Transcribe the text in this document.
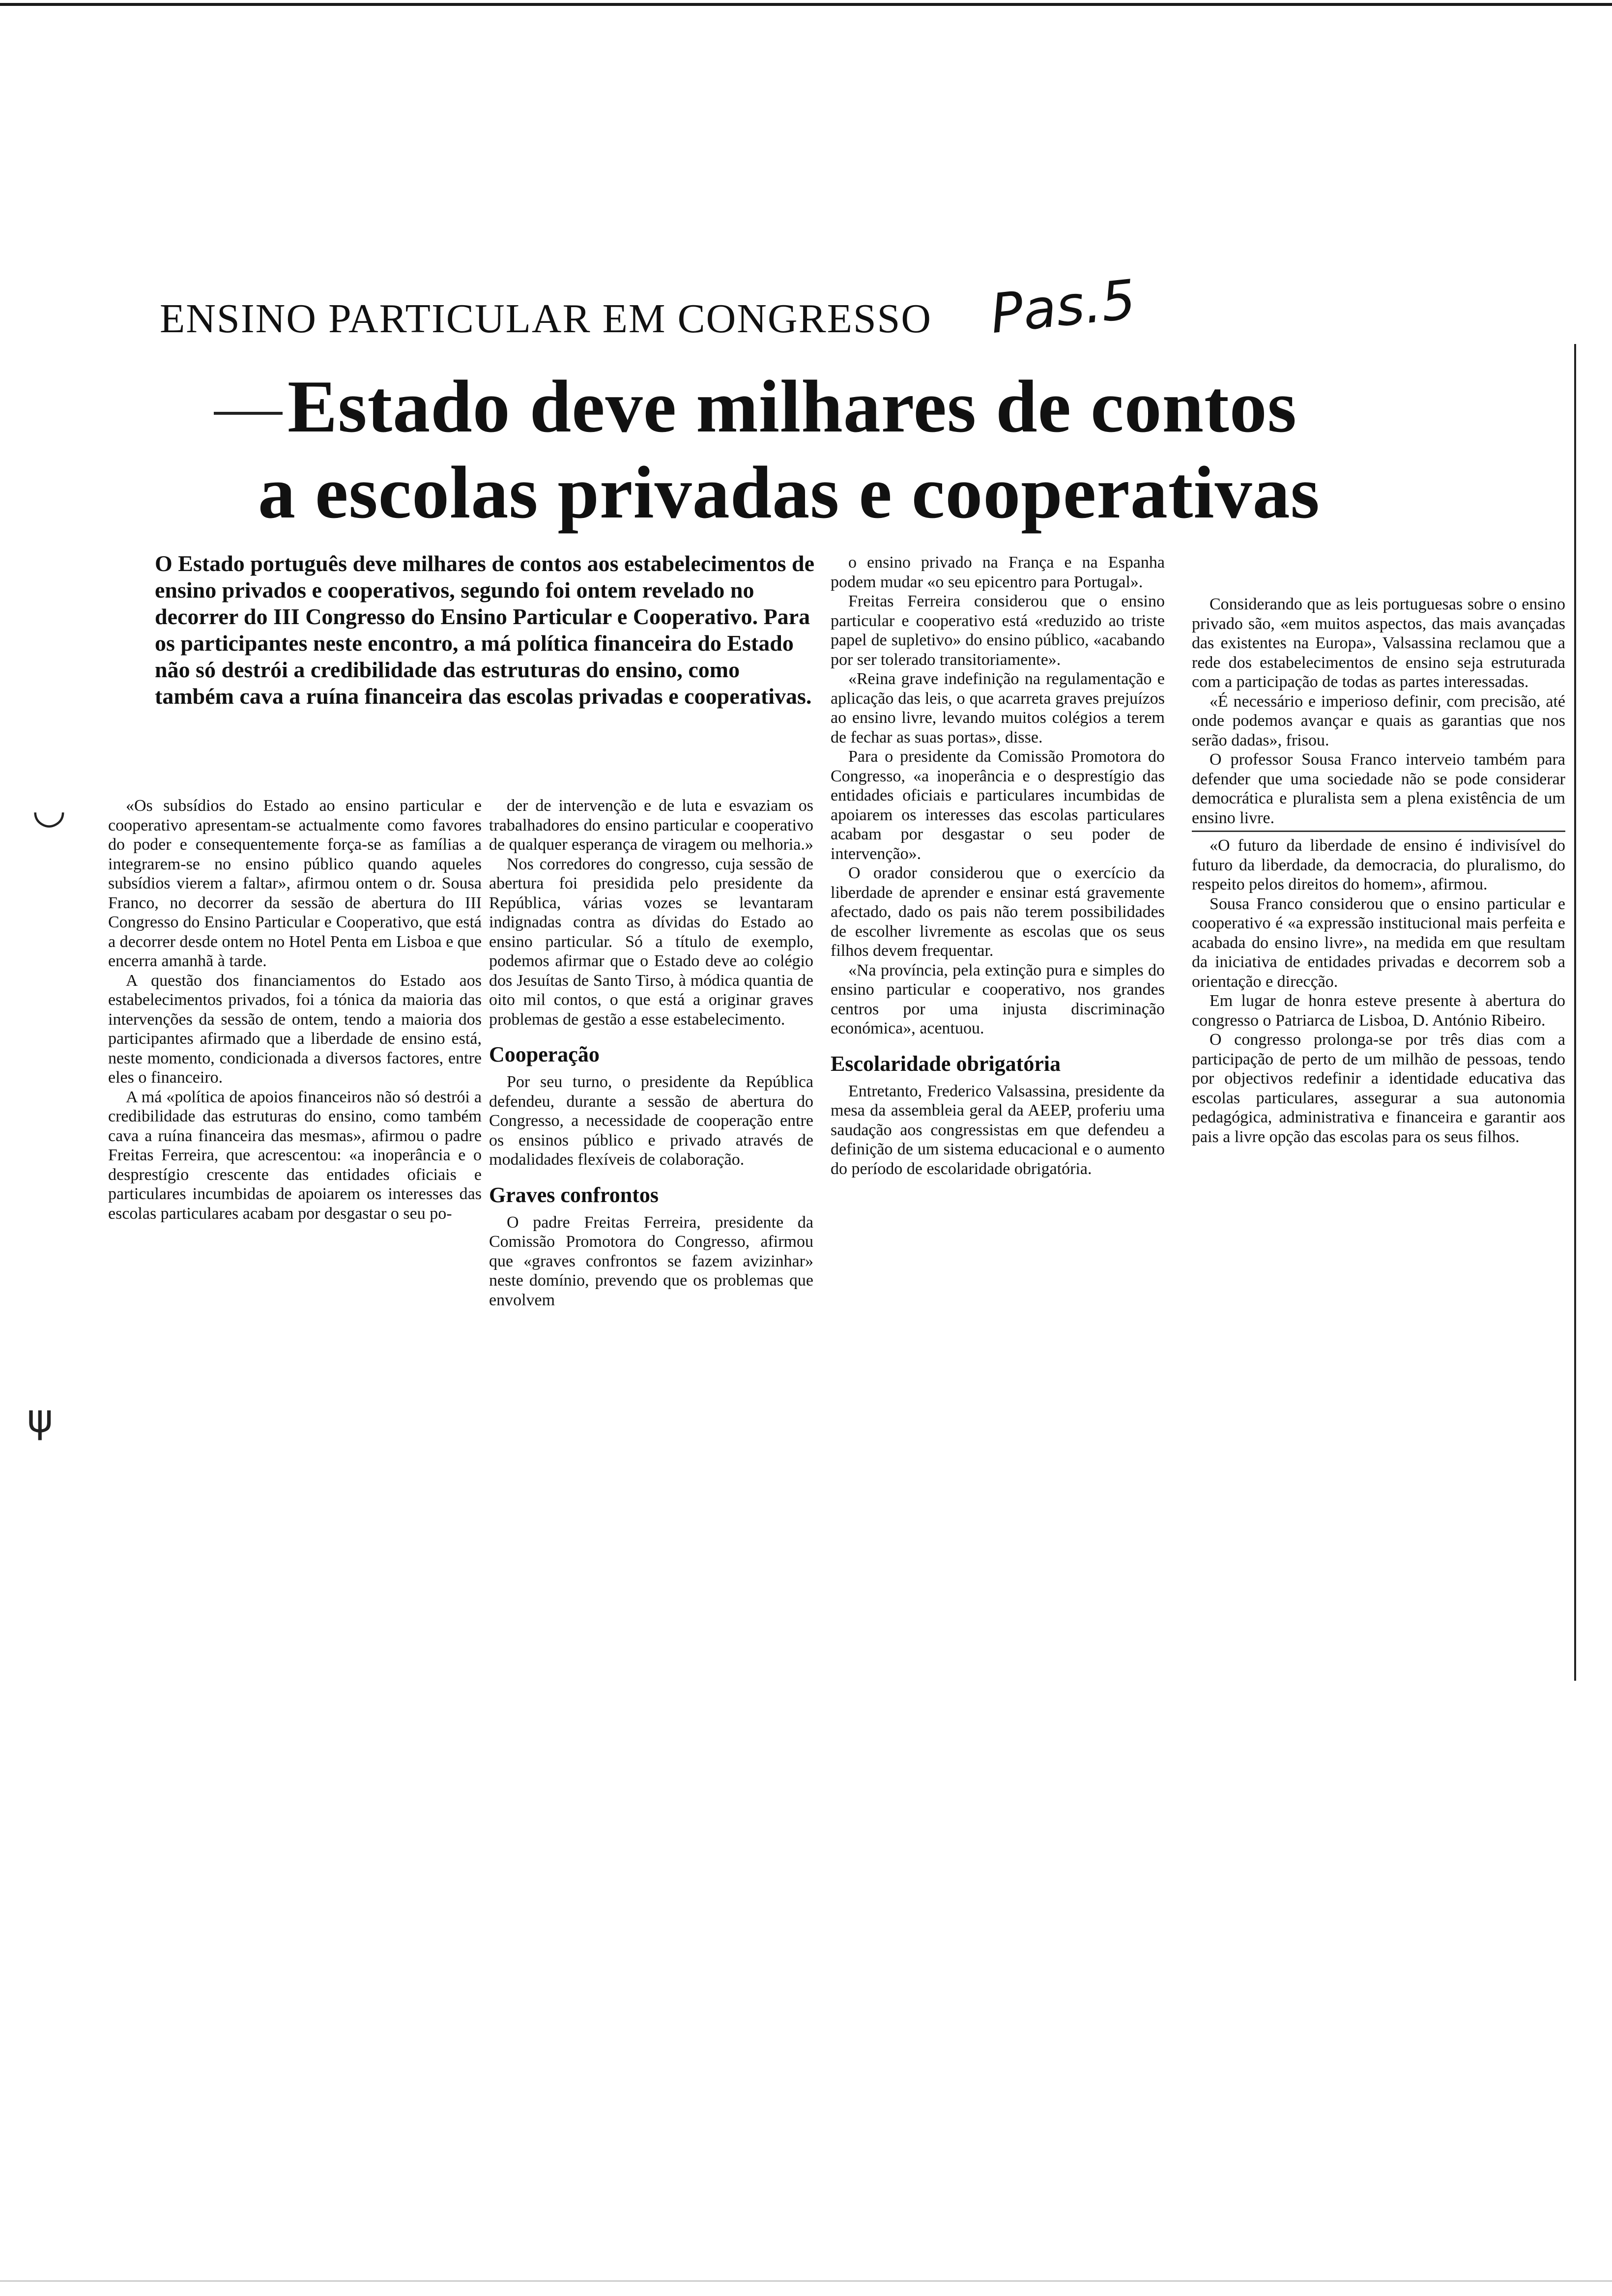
ENSINO PARTICULAR EM CONGRESSO Pas.5
Estado deve milhares de contos
a escolas privadas e cooperativas

O Estado português deve milhares de contos aos estabelecimentos de ensino privados e cooperativos, segundo foi ontem revelado no decorrer do III Congresso do Ensino Particular e Cooperativo. Para os participantes neste encontro, a má política financeira do Estado não só destrói a credibilidade das estruturas do ensino, como também cava a ruína financeira das escolas privadas e cooperativas.

◡
ψ

«Os subsídios do Estado ao ensino particular e cooperativo apresentam-se actualmente como favores do poder e consequentemente força-se as famílias a integrarem-se no ensino público quando aqueles subsídios vierem a faltar», afirmou ontem o dr. Sousa Franco, no decorrer da sessão de abertura do III Congresso do Ensino Particular e Cooperativo, que está a decorrer desde ontem no Hotel Penta em Lisboa e que encerra amanhã à tarde.

A questão dos financiamentos do Estado aos estabelecimentos privados, foi a tónica da maioria das intervenções da sessão de ontem, tendo a maioria dos participantes afirmado que a liberdade de ensino está, neste momento, condicionada a diversos factores, entre eles o financeiro.

A má «política de apoios financeiros não só destrói a credibilidade das estruturas do ensino, como também cava a ruína financeira das mesmas», afirmou o padre Freitas Ferreira, que acrescentou: «a inoperância e o desprestígio crescente das entidades oficiais e particulares incumbidas de apoiarem os interesses das escolas particulares acabam por desgastar o seu po-

der de intervenção e de luta e esvaziam os trabalhadores do ensino particular e cooperativo de qualquer esperança de viragem ou melhoria.»

Nos corredores do congresso, cuja sessão de abertura foi presidida pelo presidente da República, várias vozes se levantaram indignadas contra as dívidas do Estado ao ensino particular. Só a título de exemplo, podemos afirmar que o Estado deve ao colégio dos Jesuítas de Santo Tirso, à módica quantia de oito mil contos, o que está a originar graves problemas de gestão a esse estabelecimento.

Cooperação

Por seu turno, o presidente da República defendeu, durante a sessão de abertura do Congresso, a necessidade de cooperação entre os ensinos público e privado através de modalidades flexíveis de colaboração.

Graves confrontos

O padre Freitas Ferreira, presidente da Comissão Promotora do Congresso, afirmou que «graves confrontos se fazem avizinhar» neste domínio, prevendo que os problemas que envolvem

o ensino privado na França e na Espanha podem mudar «o seu epicentro para Portugal».

Freitas Ferreira considerou que o ensino particular e cooperativo está «reduzido ao triste papel de supletivo» do ensino público, «acabando por ser tolerado transitoriamente».

«Reina grave indefinição na regulamentação e aplicação das leis, o que acarreta graves prejuízos ao ensino livre, levando muitos colégios a terem de fechar as suas portas», disse.

Para o presidente da Comissão Promotora do Congresso, «a inoperância e o desprestígio das entidades oficiais e particulares incumbidas de apoiarem os interesses das escolas particulares acabam por desgastar o seu poder de intervenção».

O orador considerou que o exercício da liberdade de aprender e ensinar está gravemente afectado, dado os pais não terem possibilidades de escolher livremente as escolas que os seus filhos devem frequentar.

«Na província, pela extinção pura e simples do ensino particular e cooperativo, nos grandes centros por uma injusta discriminação económica», acentuou.

Escolaridade obrigatória

Entretanto, Frederico Valsassina, presidente da mesa da assembleia geral da AEEP, proferiu uma saudação aos congressistas em que defendeu a definição de um sistema educacional e o aumento do período de escolaridade obrigatória.

Considerando que as leis portuguesas sobre o ensino privado são, «em muitos aspectos, das mais avançadas das existentes na Europa», Valsassina reclamou que a rede dos estabelecimentos de ensino seja estruturada com a participação de todas as partes interessadas.

«É necessário e imperioso definir, com precisão, até onde podemos avançar e quais as garantias que nos serão dadas», frisou.

O professor Sousa Franco interveio também para defender que uma sociedade não se pode considerar democrática e pluralista sem a plena existência de um ensino livre.

«O futuro da liberdade de ensino é indivisível do futuro da liberdade, da democracia, do pluralismo, do respeito pelos direitos do homem», afirmou.

Sousa Franco considerou que o ensino particular e cooperativo é «a expressão institucional mais perfeita e acabada do ensino livre», na medida em que resultam da iniciativa de entidades privadas e decorrem sob a orientação e direcção.

Em lugar de honra esteve presente à abertura do congresso o Patriarca de Lisboa, D. António Ribeiro.

O congresso prolonga-se por três dias com a participação de perto de um milhão de pessoas, tendo por objectivos redefinir a identidade educativa das escolas particulares, assegurar a sua autonomia pedagógica, administrativa e financeira e garantir aos pais a livre opção das escolas para os seus filhos.
